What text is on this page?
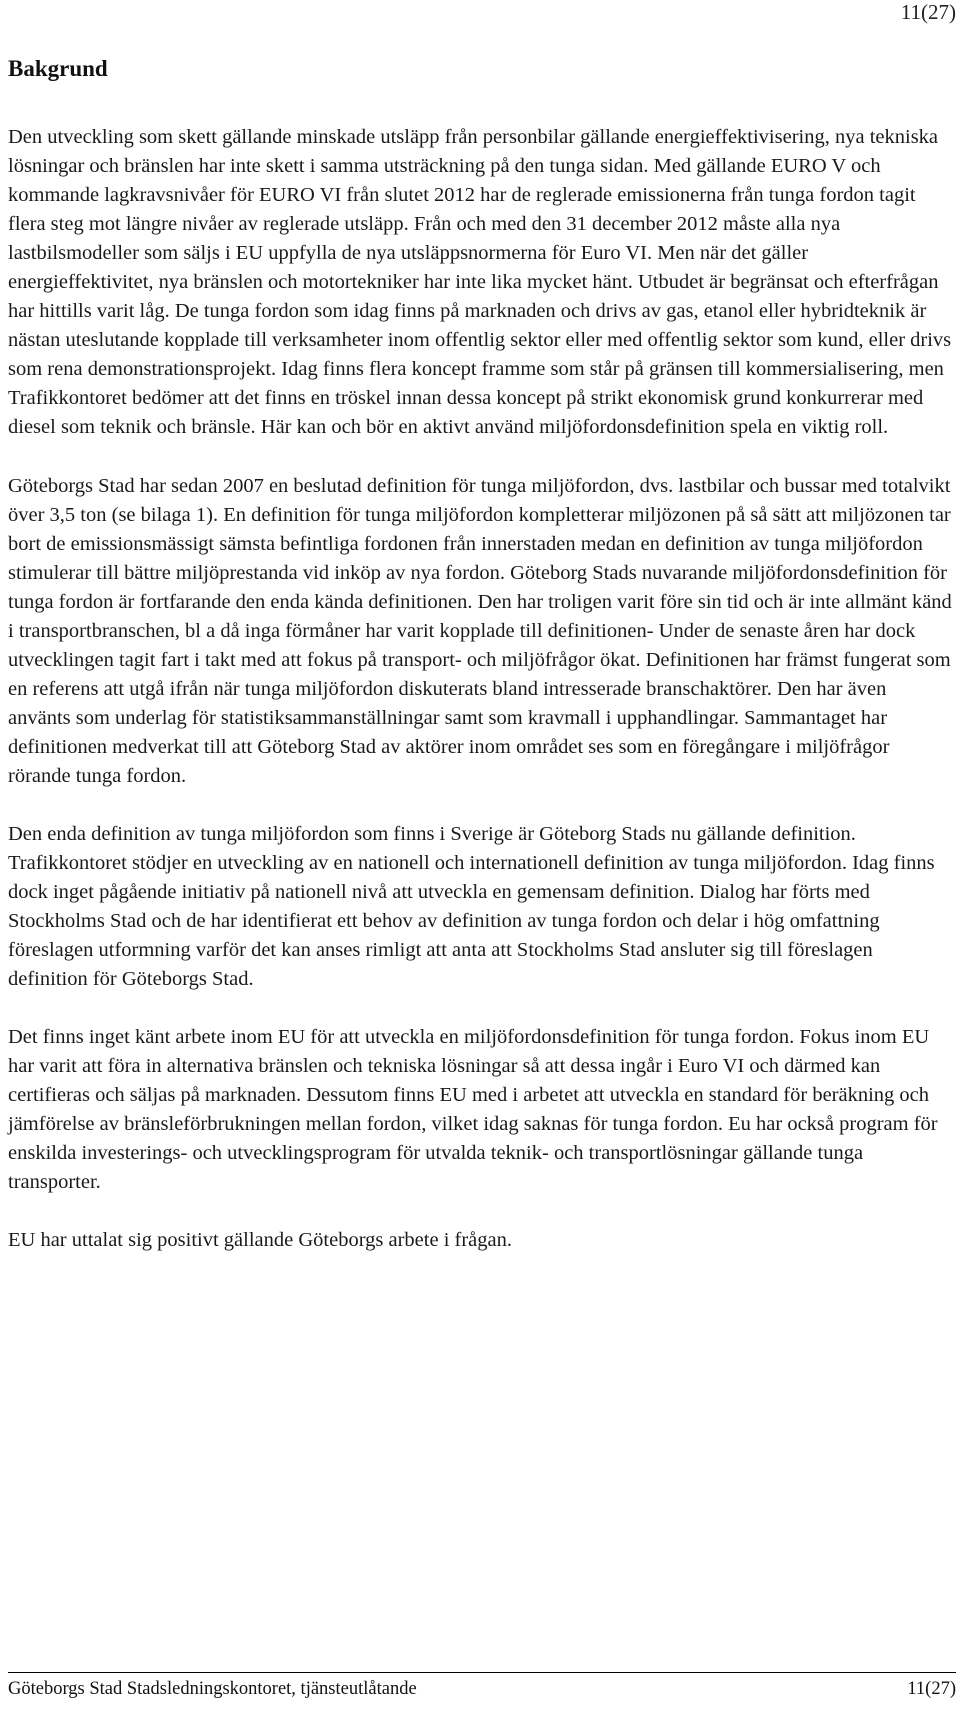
11(27)
Bakgrund

Den utveckling som skett gällande minskade utsläpp från personbilar gällande energieffektivisering, nya tekniska lösningar och bränslen har inte skett i samma utsträckning på den tunga sidan. Med gällande EURO V och kommande lagkravsnivåer för EURO VI från slutet 2012 har de reglerade emissionerna från tunga fordon tagit flera steg mot längre nivåer av reglerade utsläpp. Från och med den 31 december 2012 måste alla nya lastbilsmodeller som säljs i EU uppfylla de nya utsläppsnormerna för Euro VI. Men när det gäller energieffektivitet, nya bränslen och motortekniker har inte lika mycket hänt. Utbudet är begränsat och efterfrågan har hittills varit låg. De tunga fordon som idag finns på marknaden och drivs av gas, etanol eller hybridteknik är nästan uteslutande kopplade till verksamheter inom offentlig sektor eller med offentlig sektor som kund, eller drivs som rena demonstrationsprojekt. Idag finns flera koncept framme som står på gränsen till kommersialisering, men Trafikkontoret bedömer att det finns en tröskel innan dessa koncept på strikt ekonomisk grund konkurrerar med diesel som teknik och bränsle. Här kan och bör en aktivt använd miljöfordonsdefinition spela en viktig roll.

Göteborgs Stad har sedan 2007 en beslutad definition för tunga miljöfordon, dvs. lastbilar och bussar med totalvikt över 3,5 ton (se bilaga 1). En definition för tunga miljöfordon kompletterar miljözonen på så sätt att miljözonen tar bort de emissionsmässigt sämsta befintliga fordonen från innerstaden medan en definition av tunga miljöfordon stimulerar till bättre miljöprestanda vid inköp av nya fordon. Göteborg Stads nuvarande miljöfordonsdefinition för tunga fordon är fortfarande den enda kända definitionen. Den har troligen varit före sin tid och är inte allmänt känd i transportbranschen, bl a då inga förmåner har varit kopplade till definitionen- Under de senaste åren har dock utvecklingen tagit fart i takt med att fokus på transport- och miljöfrågor ökat. Definitionen har främst fungerat som en referens att utgå ifrån när tunga miljöfordon diskuterats bland intresserade branschaktörer. Den har även använts som underlag för statistiksammanställningar samt som kravmall i upphandlingar. Sammantaget har definitionen medverkat till att Göteborg Stad av aktörer inom området ses som en föregångare i miljöfrågor rörande tunga fordon.

Den enda definition av tunga miljöfordon som finns i Sverige är Göteborg Stads nu gällande definition. Trafikkontoret stödjer en utveckling av en nationell och internationell definition av tunga miljöfordon. Idag finns dock inget pågående initiativ på nationell nivå att utveckla en gemensam definition. Dialog har förts med Stockholms Stad och de har identifierat ett behov av definition av tunga fordon och delar i hög omfattning föreslagen utformning varför det kan anses rimligt att anta att Stockholms Stad ansluter sig till föreslagen definition för Göteborgs Stad.

Det finns inget känt arbete inom EU för att utveckla en miljöfordonsdefinition för tunga fordon. Fokus inom EU har varit att föra in alternativa bränslen och tekniska lösningar så att dessa ingår i Euro VI och därmed kan certifieras och säljas på marknaden. Dessutom finns EU med i arbetet att utveckla en standard för beräkning och jämförelse av bränsleförbrukningen mellan fordon, vilket idag saknas för tunga fordon. Eu har också program för enskilda investerings- och utvecklingsprogram för utvalda teknik- och transportlösningar gällande tunga transporter.

EU har uttalat sig positivt gällande Göteborgs arbete i frågan.

Göteborgs Stad Stadsledningskontoret, tjänsteutlåtande	11(27)
